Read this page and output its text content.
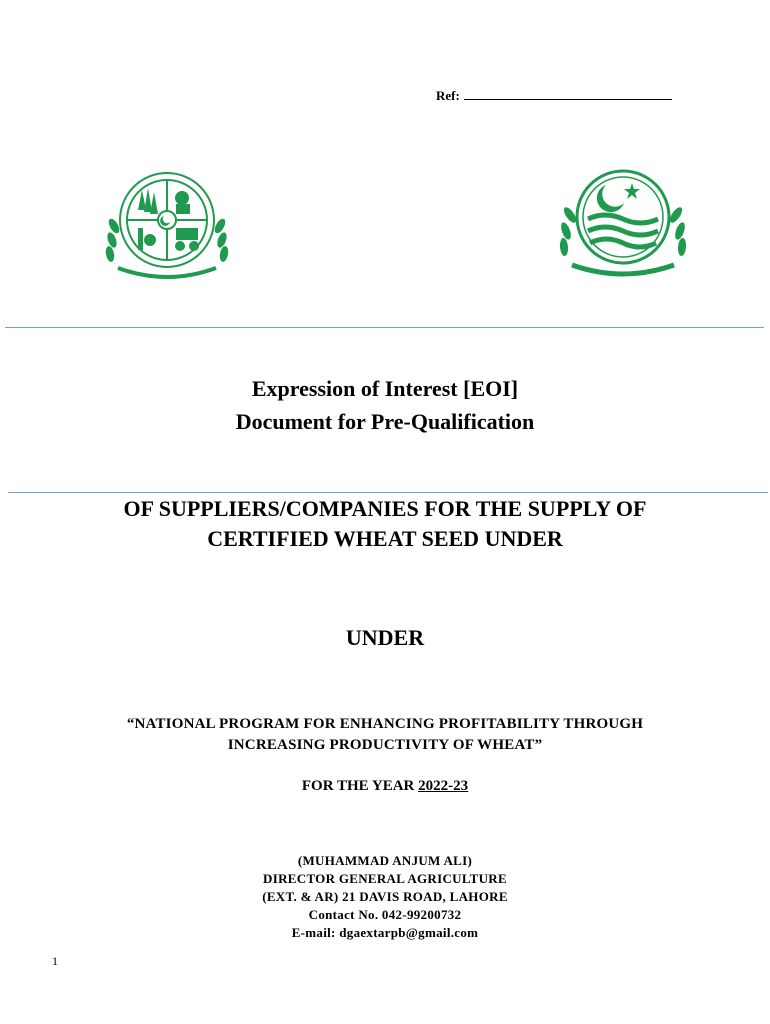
Ref:
Expression of Interest [EOI]
Document for Pre-Qualification
OF SUPPLIERS/COMPANIES FOR THE SUPPLY OF
CERTIFIED WHEAT SEED UNDER
UNDER
“NATIONAL PROGRAM FOR ENHANCING PROFITABILITY THROUGH
INCREASING PRODUCTIVITY OF WHEAT”
FOR THE YEAR 2022-23
(MUHAMMAD ANJUM ALI)
DIRECTOR GENERAL AGRICULTURE
(EXT. & AR) 21 DAVIS ROAD, LAHORE
Contact No. 042-99200732
E-mail: dgaextarpb@gmail.com
1
